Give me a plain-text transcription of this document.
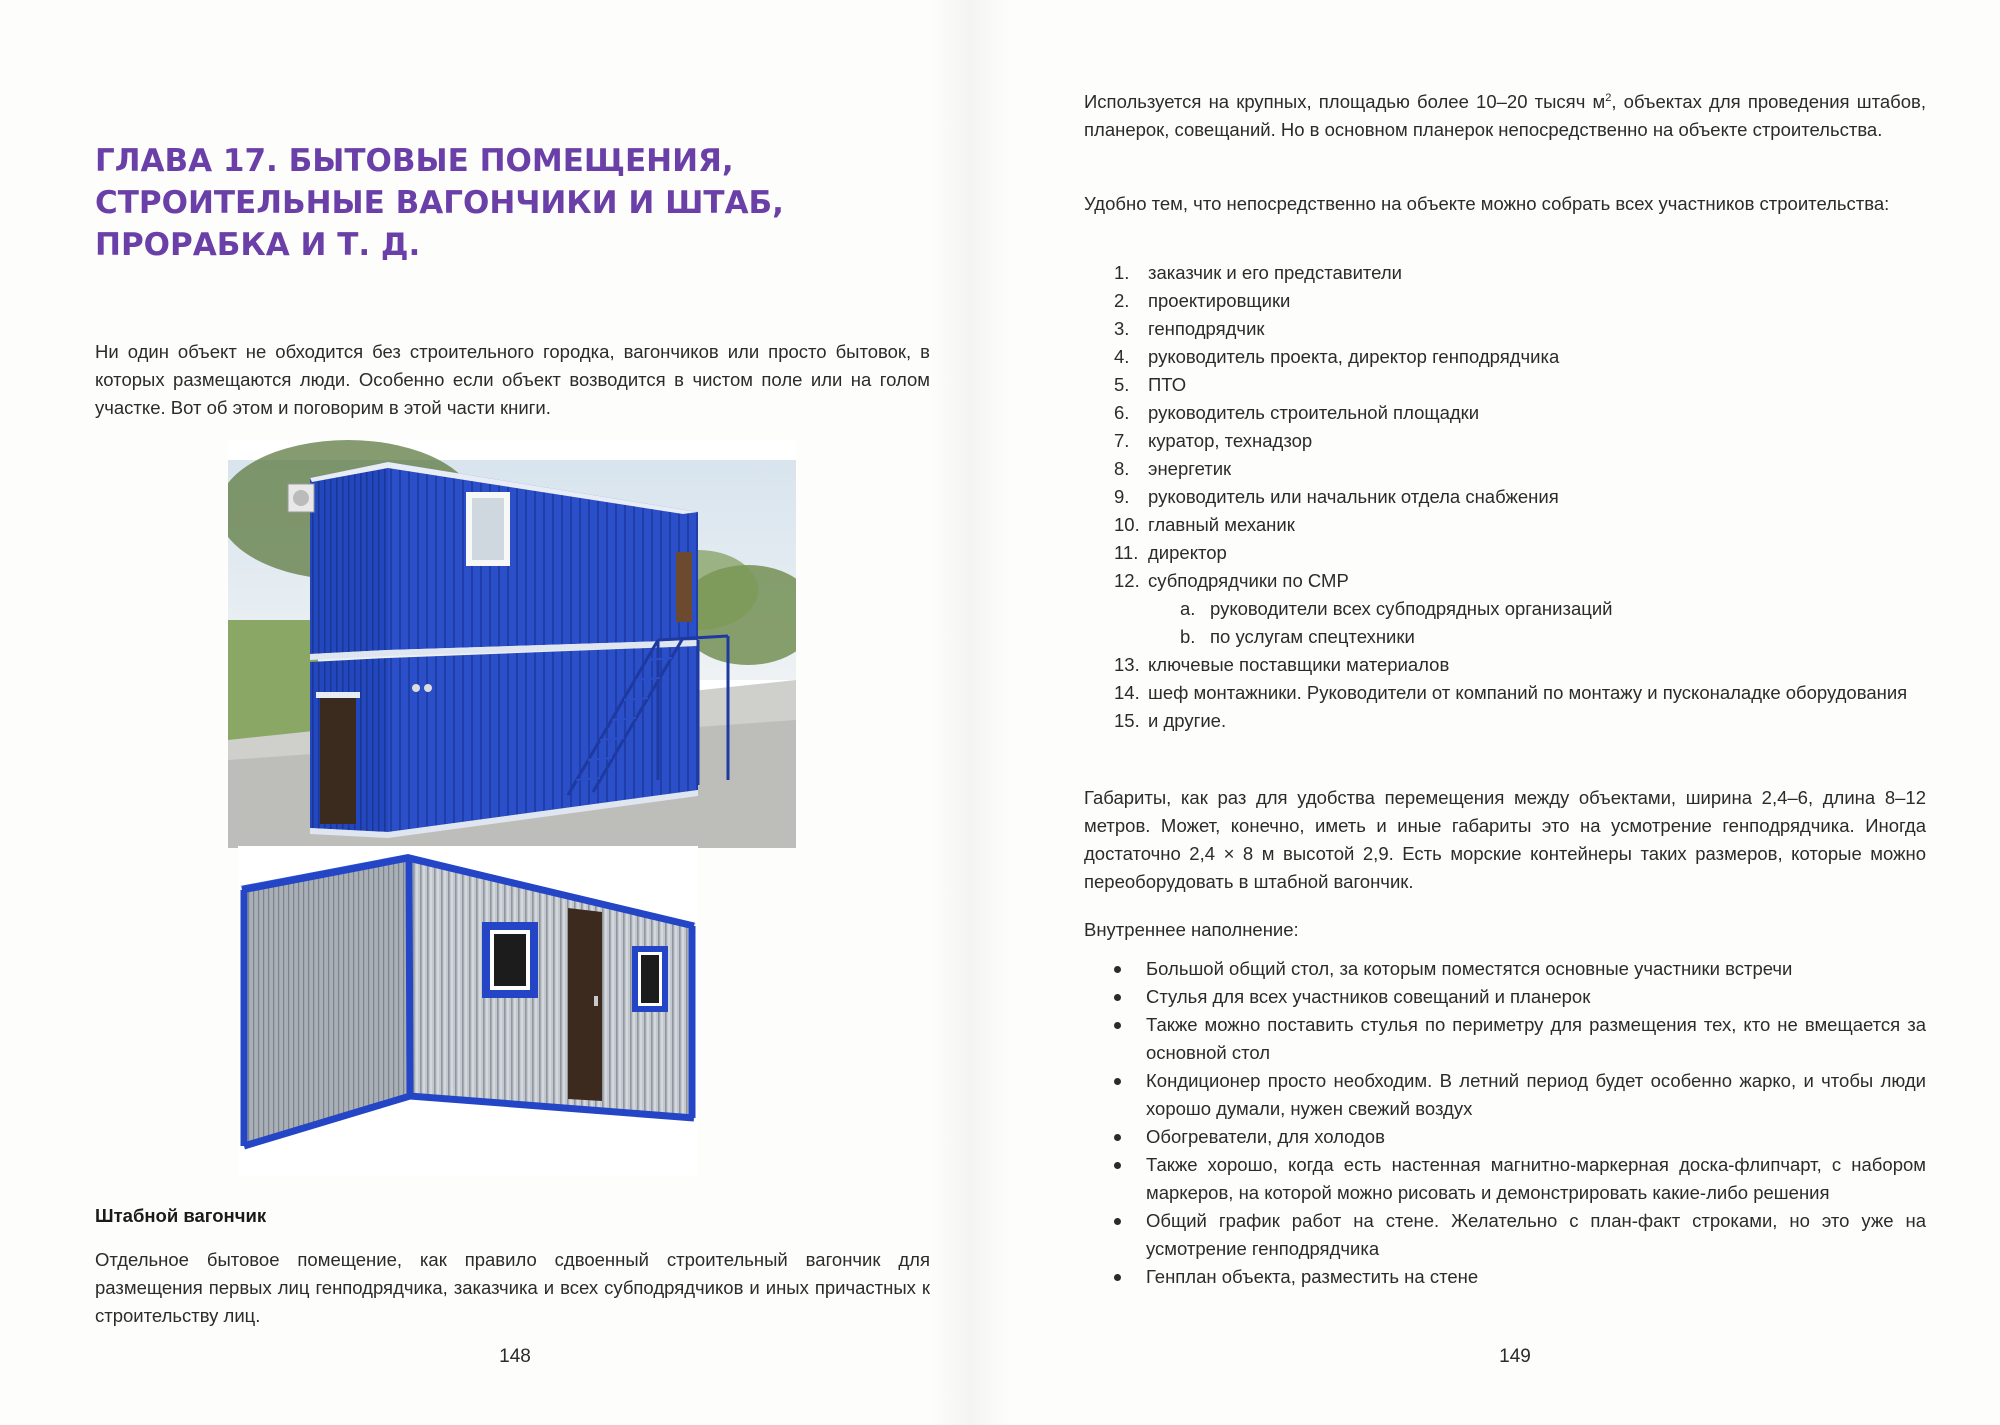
ГЛАВА 17. БЫТОВЫЕ ПОМЕЩЕНИЯ, СТРОИТЕЛЬНЫЕ ВАГОНЧИКИ И ШТАБ, ПРОРАБКА И Т. Д.

Ни один объект не обходится без строительного городка, вагончиков или просто бытовок, в которых размещаются люди. Особенно если объект возводится в чистом поле или на голом участке. Вот об этом и поговорим в этой части книги.

Штабной вагончик

Отдельное бытовое помещение, как правило сдвоенный строительный вагончик для размещения первых лиц генподрядчика, заказчика и всех субподрядчиков и иных причастных к строительству лиц.

148

Используется на крупных, площадью более 10–20 тысяч $м^2$, объектах для проведения штабов, планерок, совещаний. Но в основном планерок непосредственно на объекте строительства.

Удобно тем, что непосредственно на объекте можно собрать всех участников строительства:

1. заказчик и его представители
2. проектировщики
3. генподрядчик
4. руководитель проекта, директор генподрядчика
5. ПТО
6. руководитель строительной площадки
7. куратор, технадзор
8. энергетик
9. руководитель или начальник отдела снабжения
10. главный механик
11. директор
12. субподрядчики по СМР
a. руководители всех субподрядных организаций
b. по услугам спецтехники
13. ключевые поставщики материалов
14. шеф монтажники. Руководители от компаний по монтажу и пусконаладке оборудования
15. и другие.

Габариты, как раз для удобства перемещения между объектами, ширина 2,4–6, длина 8–12 метров. Может, конечно, иметь и иные габариты это на усмотрение генподрядчика. Иногда достаточно 2,4 × 8 м высотой 2,9. Есть морские контейнеры таких размеров, которые можно переоборудовать в штабной вагончик.

Внутреннее наполнение:

Большой общий стол, за которым поместятся основные участники встречи
Стулья для всех участников совещаний и планерок
Также можно поставить стулья по периметру для размещения тех, кто не вмещается за основной стол
Кондиционер просто необходим. В летний период будет особенно жарко, и чтобы люди хорошо думали, нужен свежий воздух
Обогреватели, для холодов
Также хорошо, когда есть настенная магнитно-маркерная доска-флипчарт, с набором маркеров, на которой можно рисовать и демонстрировать какие-либо решения
Общий график работ на стене. Желательно с план-факт строками, но это уже на усмотрение генподрядчика
Генплан объекта, разместить на стене

149
